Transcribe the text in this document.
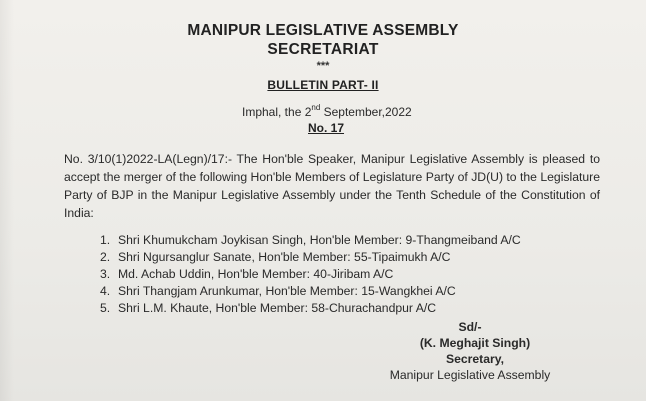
MANIPUR LEGISLATIVE ASSEMBLY
SECRETARIAT
***
BULLETIN PART- II
Imphal, the 2nd September,2022
No. 17
No. 3/10(1)2022-LA(Legn)/17:- The Hon'ble Speaker, Manipur Legislative Assembly is pleased to accept the merger of the following Hon'ble Members of Legislature Party of JD(U) to the Legislature Party of BJP in the Manipur Legislative Assembly under the Tenth Schedule of the Constitution of India:
1. Shri Khumukcham Joykisan Singh, Hon'ble Member: 9-Thangmeiband A/C
2. Shri Ngursanglur Sanate, Hon'ble Member: 55-Tipaimukh A/C
3. Md. Achab Uddin, Hon'ble Member: 40-Jiribam A/C
4. Shri Thangjam Arunkumar, Hon'ble Member: 15-Wangkhei A/C
5. Shri L.M. Khaute, Hon'ble Member: 58-Churachandpur A/C
Sd/-
(K. Meghajit Singh)
Secretary,
Manipur Legislative Assembly
